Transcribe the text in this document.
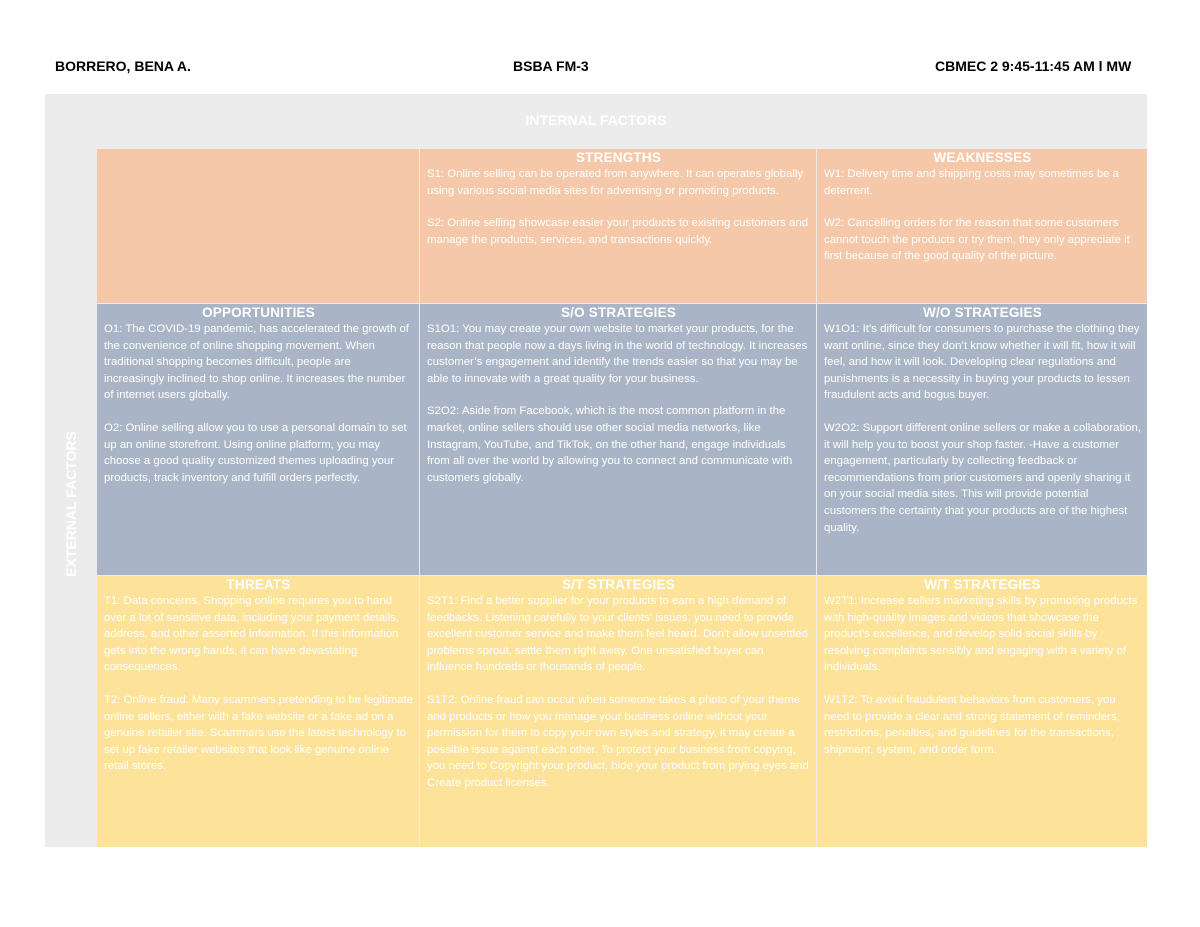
BORRERO, BENA A.	BSBA FM-3	CBMEC 2 9:45-11:45 AM l MW
INTERNAL FACTORS
EXTERNAL FACTORS
STRENGTHS

S1: Online selling can be operated from anywhere. It can operates globally using various social media sites for advertising or promoting products.

S2: Online selling showcase easier your products to existing customers and manage the products, services, and transactions quickly.

WEAKNESSES

W1: Delivery time and shipping costs may sometimes be a deterrent.

W2: Cancelling orders for the reason that some customers cannot touch the products or try them, they only appreciate it first because of the good quality of the picture.

OPPORTUNITIES

O1: The COVID-19 pandemic, has accelerated the growth of the convenience of online shopping movement. When traditional shopping becomes difficult, people are increasingly inclined to shop online. It increases the number of internet users globally.

O2: Online selling allow you to use a personal domain to set up an online storefront. Using online platform, you may choose a good quality customized themes uploading your products, track inventory and fulfill orders perfectly.

S/O STRATEGIES

S1O1: You may create your own website to market your products, for the reason that people now a days living in the world of technology. It increases customer’s engagement and identify the trends easier so that you may be able to innovate with a great quality for your business.

S2O2: Aside from Facebook, which is the most common platform in the market, online sellers should use other social media networks, like Instagram, YouTube, and TikTok, on the other hand, engage individuals from all over the world by allowing you to connect and communicate with customers globally.

W/O STRATEGIES

W1O1: It’s difficult for consumers to purchase the clothing they want online, since they don’t know whether it will fit, how it will feel, and how it will look. Developing clear regulations and punishments is a necessity in buying your products to lessen fraudulent acts and bogus buyer.

W2O2: Support different online sellers or make a collaboration, it will help you to boost your shop faster. -Have a customer engagement, particularly by collecting feedback or recommendations from prior customers and openly sharing it on your social media sites. This will provide potential customers the certainty that your products are of the highest quality.

THREATS

T1: Data concerns. Shopping online requires you to hand over a lot of sensitive data, including your payment details, address, and other assorted information. If this information gets into the wrong hands, it can have devastating consequences.

T2: Online fraud. Many scammers pretending to be legitimate online sellers, either with a fake website or a fake ad on a genuine retailer site. Scammers use the latest technology to set up fake retailer websites that look like genuine online retail stores.

S/T STRATEGIES

S2T1: Find a better supplier for your products to earn a high demand of feedbacks. Listening carefully to your clients' issues, you need to provide excellent customer service and make them feel heard. Don't allow unsettled problems sprout, settle them right away. One unsatisfied buyer can influence hundreds or thousands of people.

S1T2: Online fraud can occur when someone takes a photo of your theme and products or how you manage your business online without your permission for them to copy your own styles and strategy, it may create a possible issue against each other. To protect your business from copying, you need to Copyright your product, hide your product from prying eyes and Create product licenses.

W/T STRATEGIES

W2T1: Increase sellers marketing skills by promoting products with high-quality images and videos that showcase the product’s excellence, and develop solid social skills by resolving complaints sensibly and engaging with a variety of individuals.

W1T2: To avoid fraudulent behaviors from customers, you need to provide a clear and strong statement of reminders, restrictions, penalties, and guidelines for the transactions, shipment, system, and order form.
